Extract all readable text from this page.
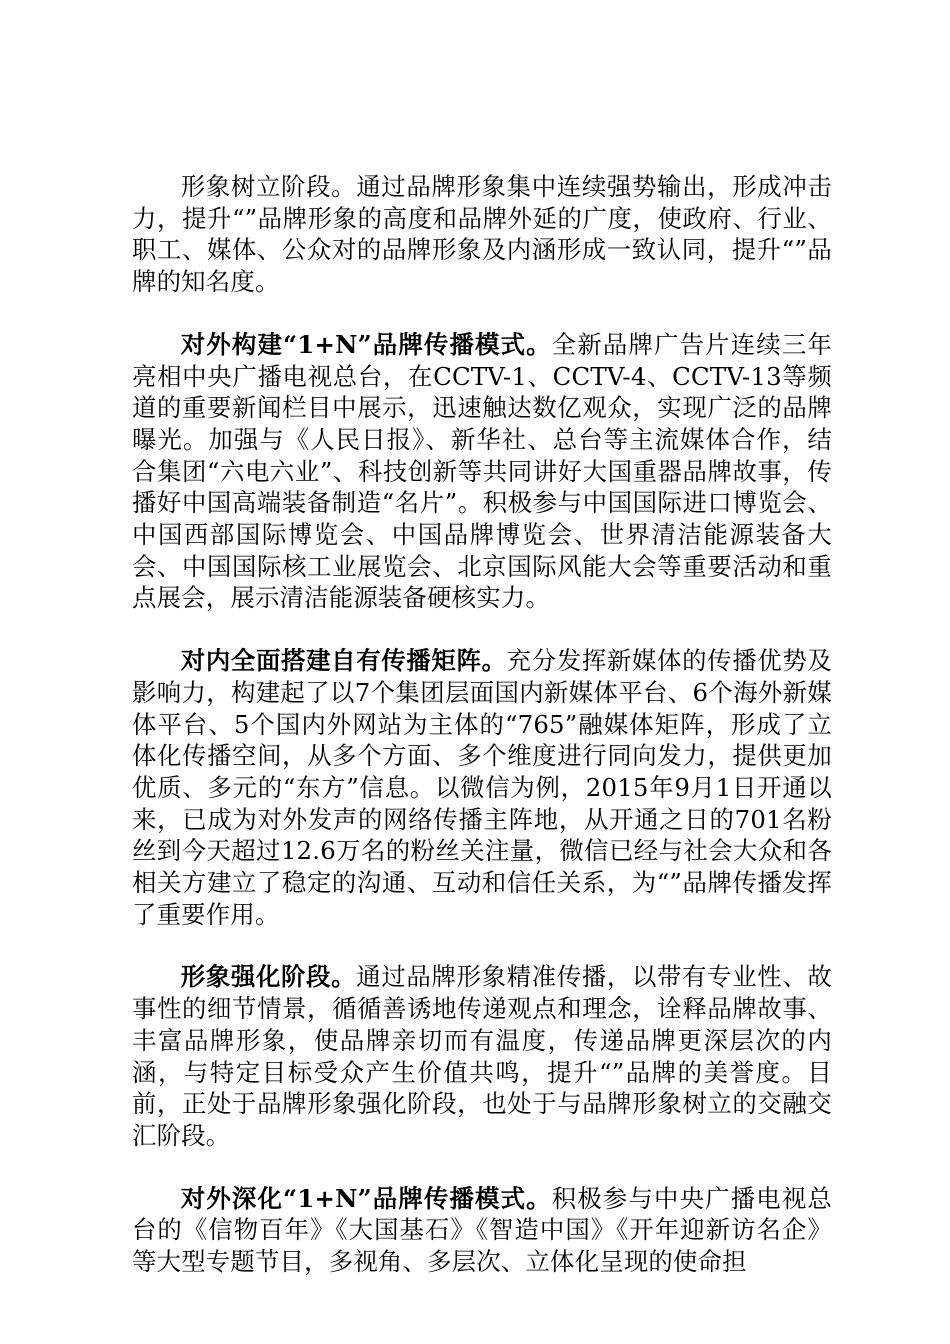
形象树立阶段。通过品牌形象集中连续强势输出，形成冲击力，提升“”品牌形象的高度和品牌外延的广度，使政府、行业、职工、媒体、公众对的品牌形象及内涵形成一致认同，提升“”品牌的知名度。

对外构建“1+N”品牌传播模式。全新品牌广告片连续三年亮相中央广播电视总台，在CCTV-1、CCTV-4、CCTV-13等频道的重要新闻栏目中展示，迅速触达数亿观众，实现广泛的品牌曝光。加强与《人民日报》、新华社、总台等主流媒体合作，结合集团“六电六业”、科技创新等共同讲好大国重器品牌故事，传播好中国高端装备制造“名片”。积极参与中国国际进口博览会、中国西部国际博览会、中国品牌博览会、世界清洁能源装备大会、中国国际核工业展览会、北京国际风能大会等重要活动和重点展会，展示清洁能源装备硬核实力。

对内全面搭建自有传播矩阵。充分发挥新媒体的传播优势及影响力，构建起了以7个集团层面国内新媒体平台、6个海外新媒体平台、5个国内外网站为主体的“765”融媒体矩阵，形成了立体化传播空间，从多个方面、多个维度进行同向发力，提供更加优质、多元的“东方”信息。以微信为例，2015年9月1日开通以来，已成为对外发声的网络传播主阵地，从开通之日的701名粉丝到今天超过12.6万名的粉丝关注量，微信已经与社会大众和各相关方建立了稳定的沟通、互动和信任关系，为“”品牌传播发挥了重要作用。

形象强化阶段。通过品牌形象精准传播，以带有专业性、故事性的细节情景，循循善诱地传递观点和理念，诠释品牌故事、丰富品牌形象，使品牌亲切而有温度，传递品牌更深层次的内涵，与特定目标受众产生价值共鸣，提升“”品牌的美誉度。目前，正处于品牌形象强化阶段，也处于与品牌形象树立的交融交汇阶段。

对外深化“1+N”品牌传播模式。积极参与中央广播电视总台的《信物百年》《大国基石》《智造中国》《开年迎新访名企》等大型专题节目，多视角、多层次、立体化呈现的使命担
